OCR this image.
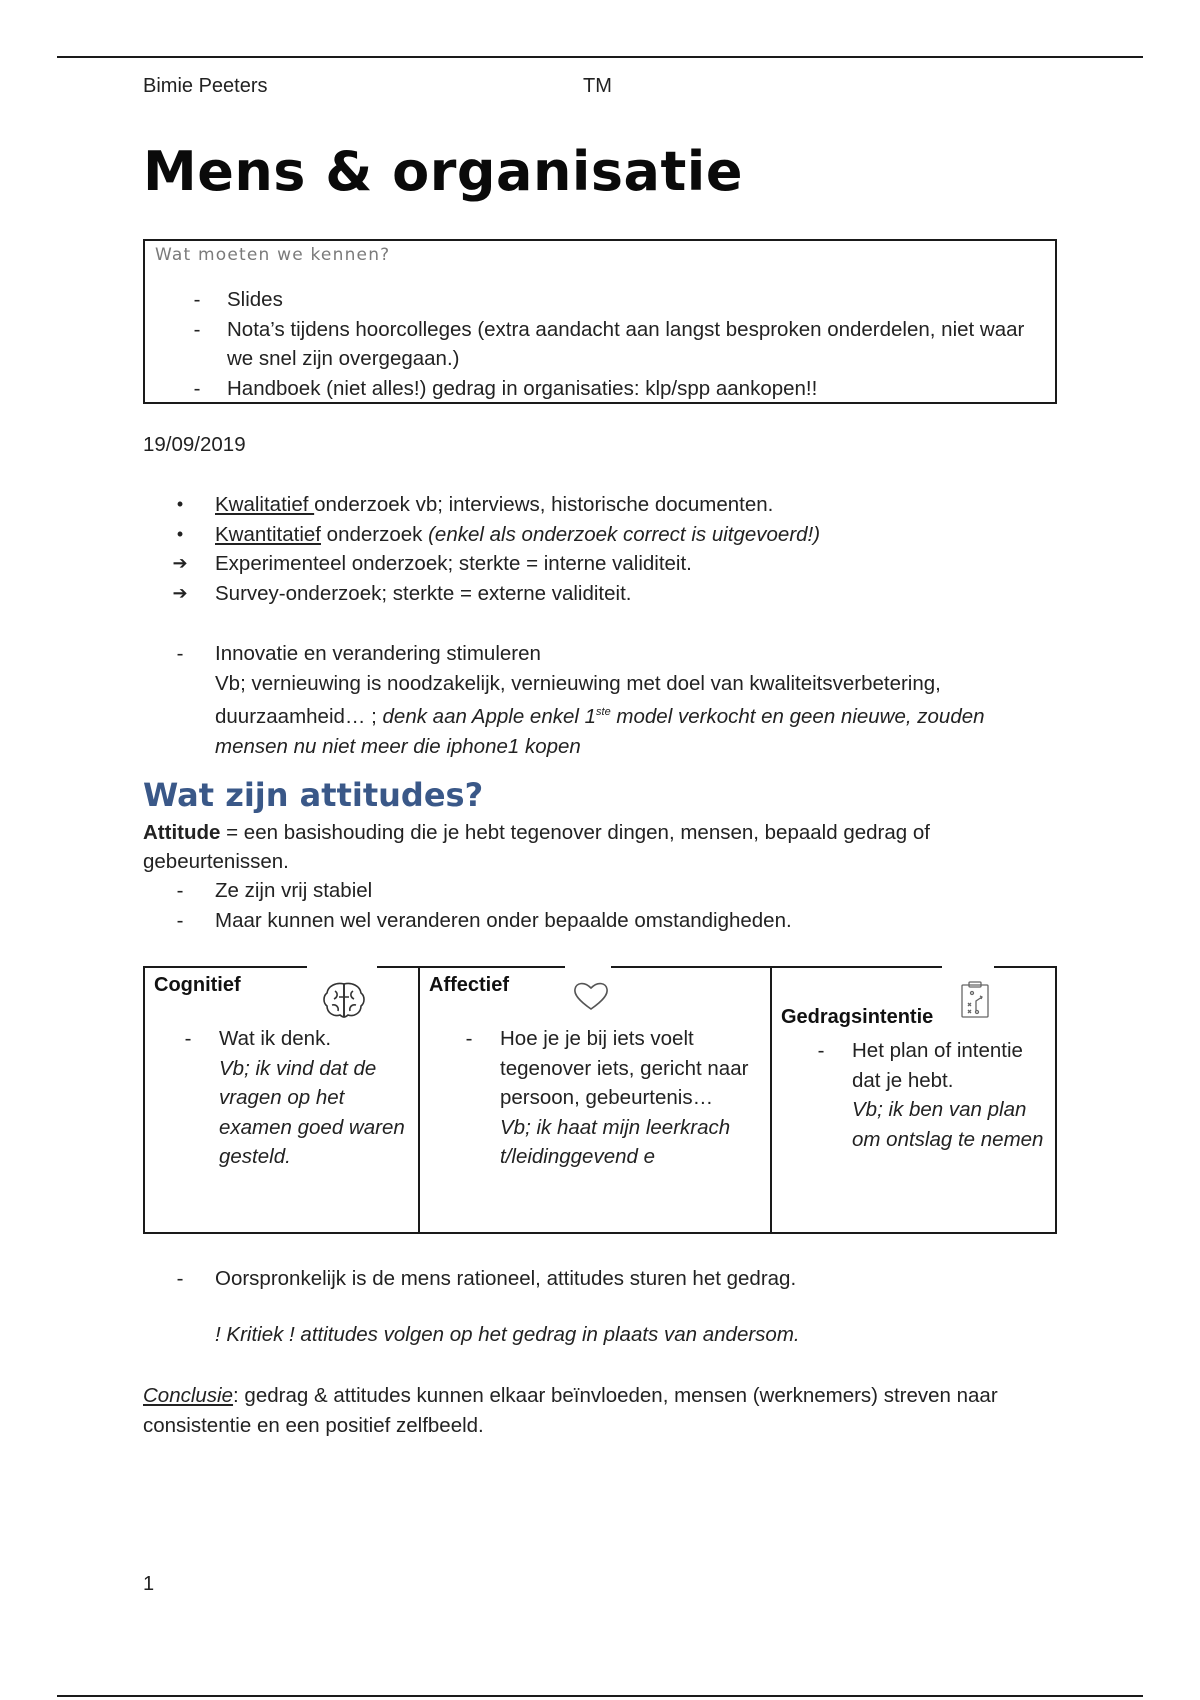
Bimie Peeters	TM
Mens & organisatie
Wat moeten we kennen?
-	Slides
-	Nota’s tijdens hoorcolleges (extra aandacht aan langst besproken onderdelen, niet waar we snel zijn overgegaan.)
-	Handboek (niet alles!) gedrag in organisaties: klp/spp aankopen!!
19/09/2019
•	Kwalitatief onderzoek vb; interviews, historische documenten.
•	Kwantitatief onderzoek (enkel als onderzoek correct is uitgevoerd!)
➔ Experimenteel onderzoek; sterkte = interne validiteit.
➔ Survey-onderzoek; sterkte = externe validiteit.
-	Innovatie en verandering stimuleren
Vb; vernieuwing is noodzakelijk, vernieuwing met doel van kwaliteitsverbetering, duurzaamheid… ; denk aan Apple enkel 1ste model verkocht en geen nieuwe, zouden mensen nu niet meer die iphone1 kopen
Wat zijn attitudes?

Attitude = een basishouding die je hebt tegenover dingen, mensen, bepaald gedrag of gebeurtenissen.

-	Ze zijn vrij stabiel
-	Maar kunnen wel veranderen onder bepaalde omstandigheden.
Cognitief
-	Wat ik denk.
Vb; ik vind dat de vragen op het examen goed waren gesteld.
Affectief
-	Hoe je je bij iets voelt tegenover iets, gericht naar persoon, gebeurtenis…
Vb; ik haat mijn leerkracht/leidinggevend e
Gedragsintentie
-	Het plan of intentie dat je hebt.
Vb; ik ben van plan om ontslag te nemen
-	Oorspronkelijk is de mens rationeel, attitudes sturen het gedrag.
! Kritiek ! attitudes volgen op het gedrag in plaats van andersom.

Conclusie: gedrag & attitudes kunnen elkaar beïnvloeden, mensen (werknemers) streven naar consistentie en een positief zelfbeeld.

1
